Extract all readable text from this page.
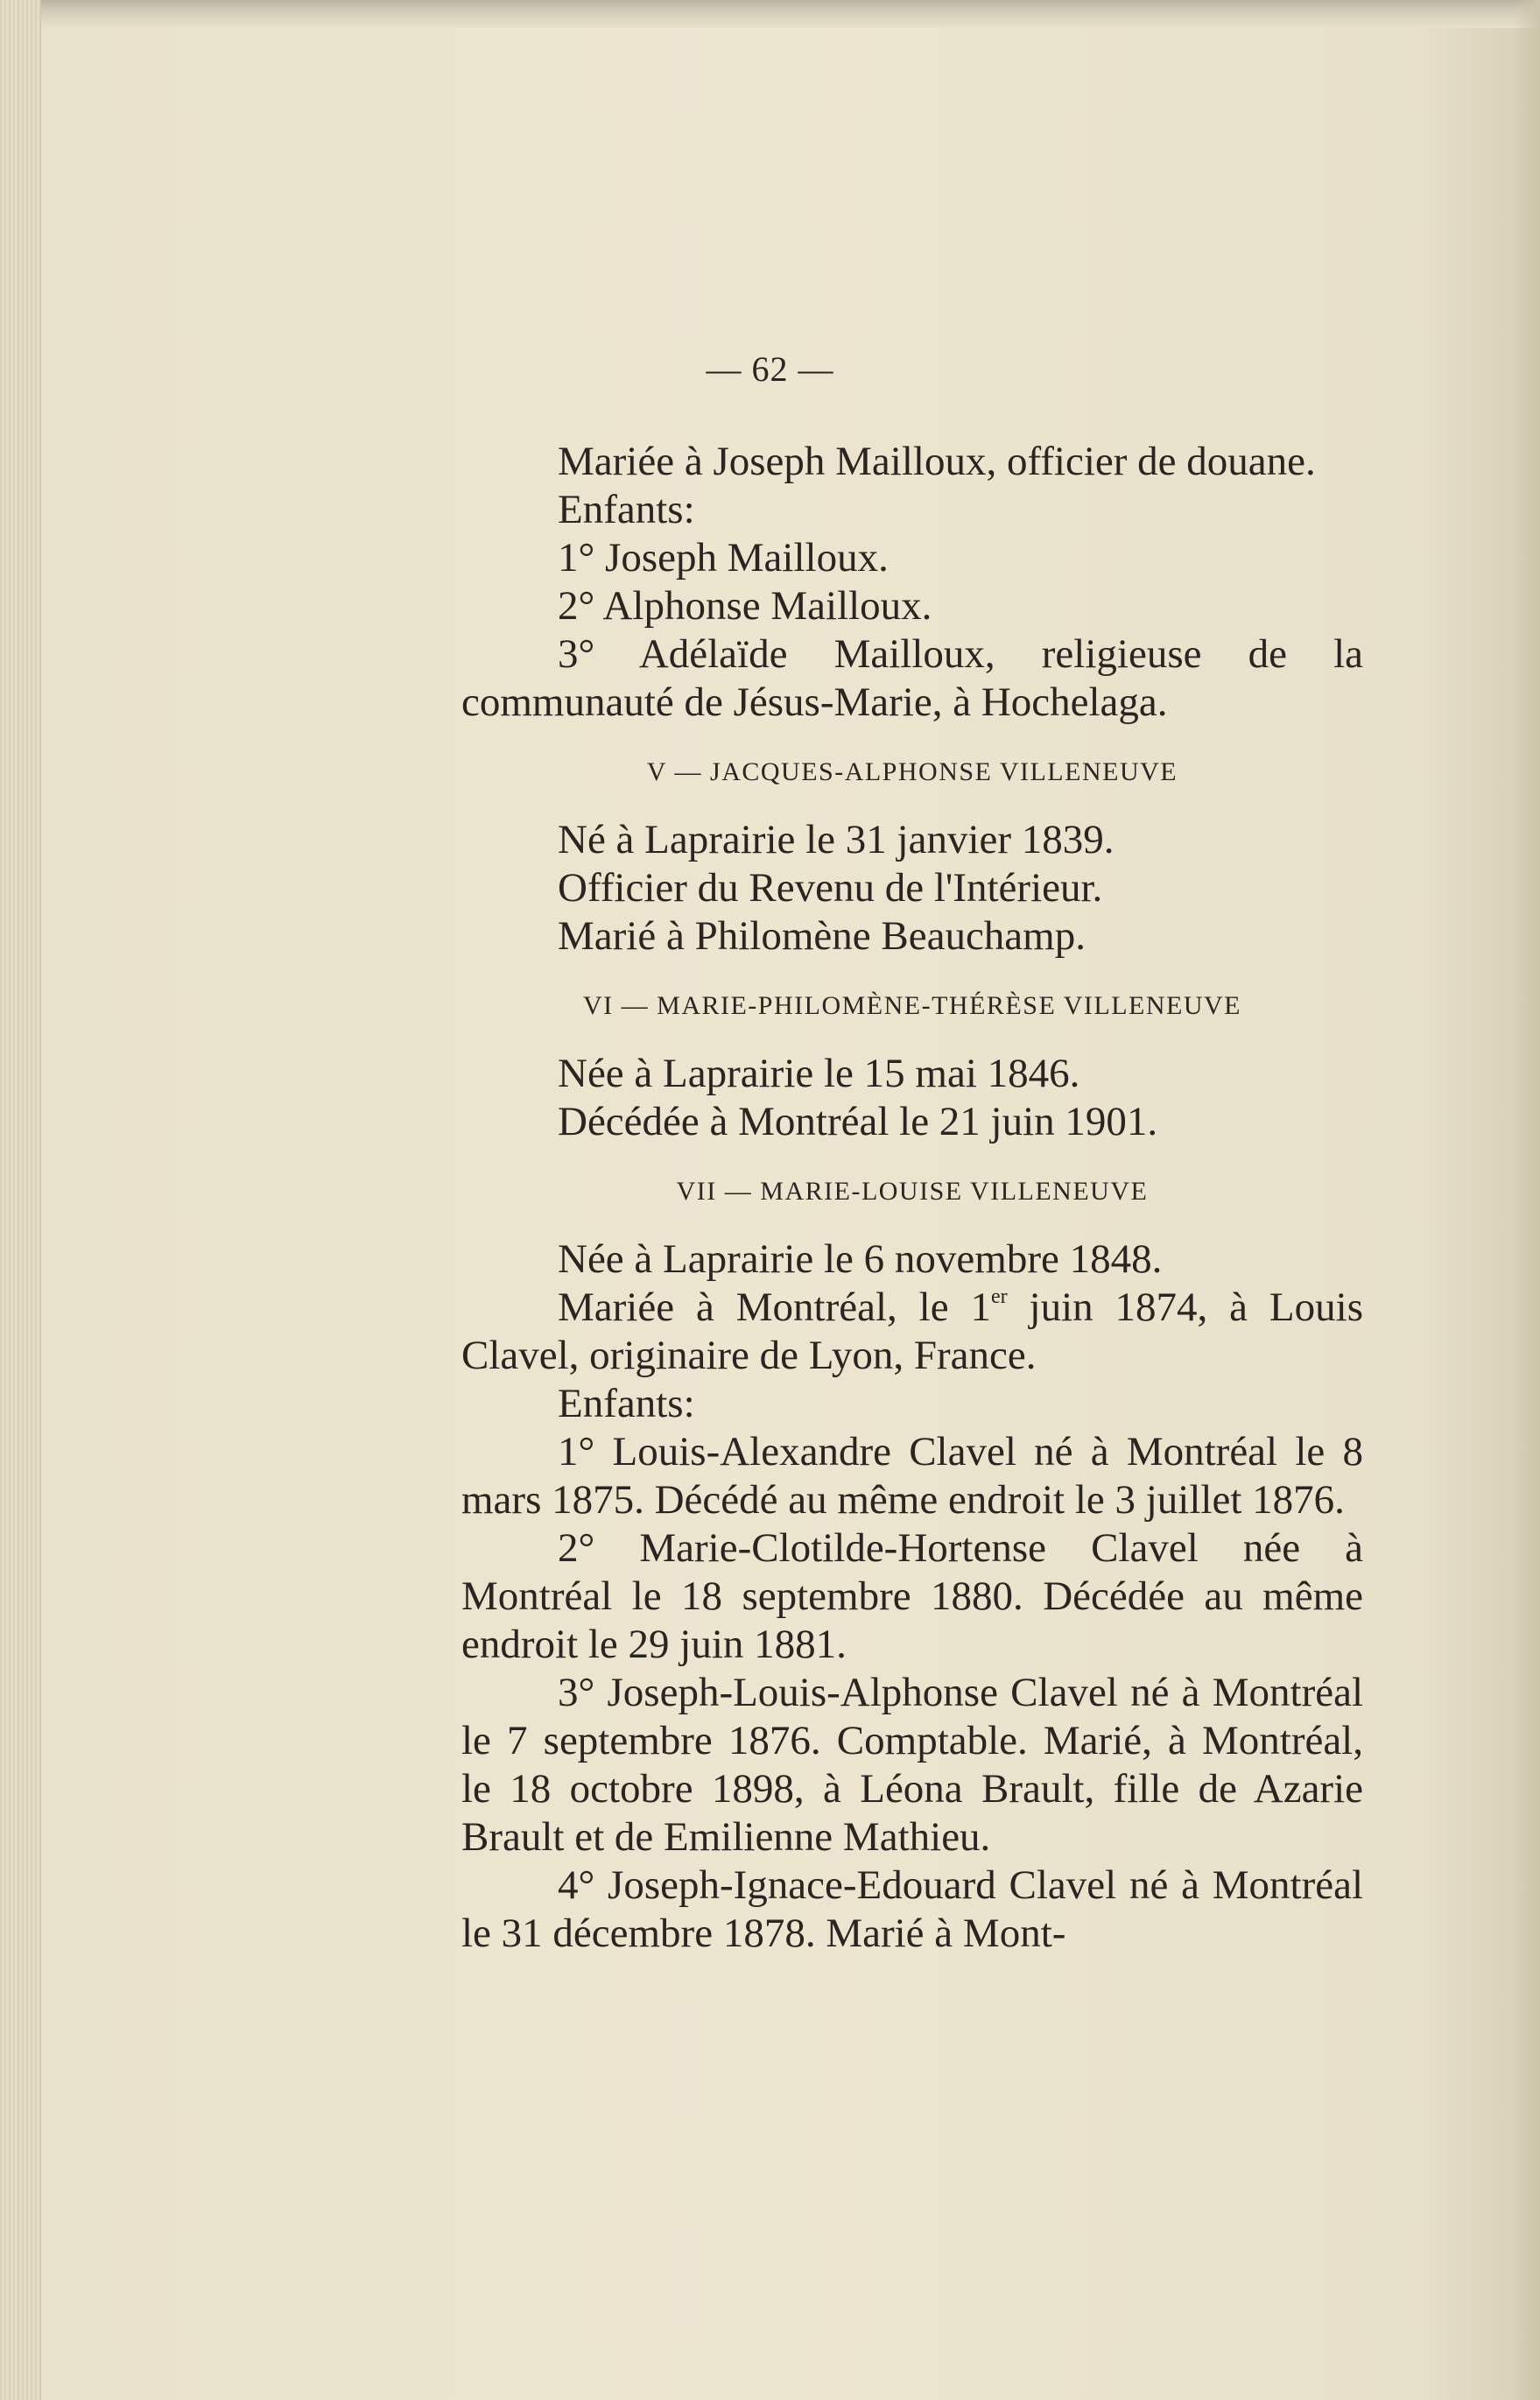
— 62 —

Mariée à Joseph Mailloux, officier de douane.

Enfants:

1° Joseph Mailloux.

2° Alphonse Mailloux.

3° Adélaïde Mailloux, religieuse de la communauté de Jésus-Marie, à Hochelaga.

V — JACQUES-ALPHONSE VILLENEUVE

Né à Laprairie le 31 janvier 1839.

Officier du Revenu de l'Intérieur.

Marié à Philomène Beauchamp.

VI — MARIE-PHILOMÈNE-THÉRÈSE VILLENEUVE

Née à Laprairie le 15 mai 1846.

Décédée à Montréal le 21 juin 1901.

VII — MARIE-LOUISE VILLENEUVE

Née à Laprairie le 6 novembre 1848.

Mariée à Montréal, le 1er juin 1874, à Louis Clavel, originaire de Lyon, France.

Enfants:

1° Louis-Alexandre Clavel né à Montréal le 8 mars 1875. Décédé au même endroit le 3 juillet 1876.

2° Marie-Clotilde-Hortense Clavel née à Montréal le 18 septembre 1880. Décédée au même endroit le 29 juin 1881.

3° Joseph-Louis-Alphonse Clavel né à Montréal le 7 septembre 1876. Comptable. Marié, à Montréal, le 18 octobre 1898, à Léona Brault, fille de Azarie Brault et de Emilienne Mathieu.

4° Joseph-Ignace-Edouard Clavel né à Montréal le 31 décembre 1878. Marié à Mont-
